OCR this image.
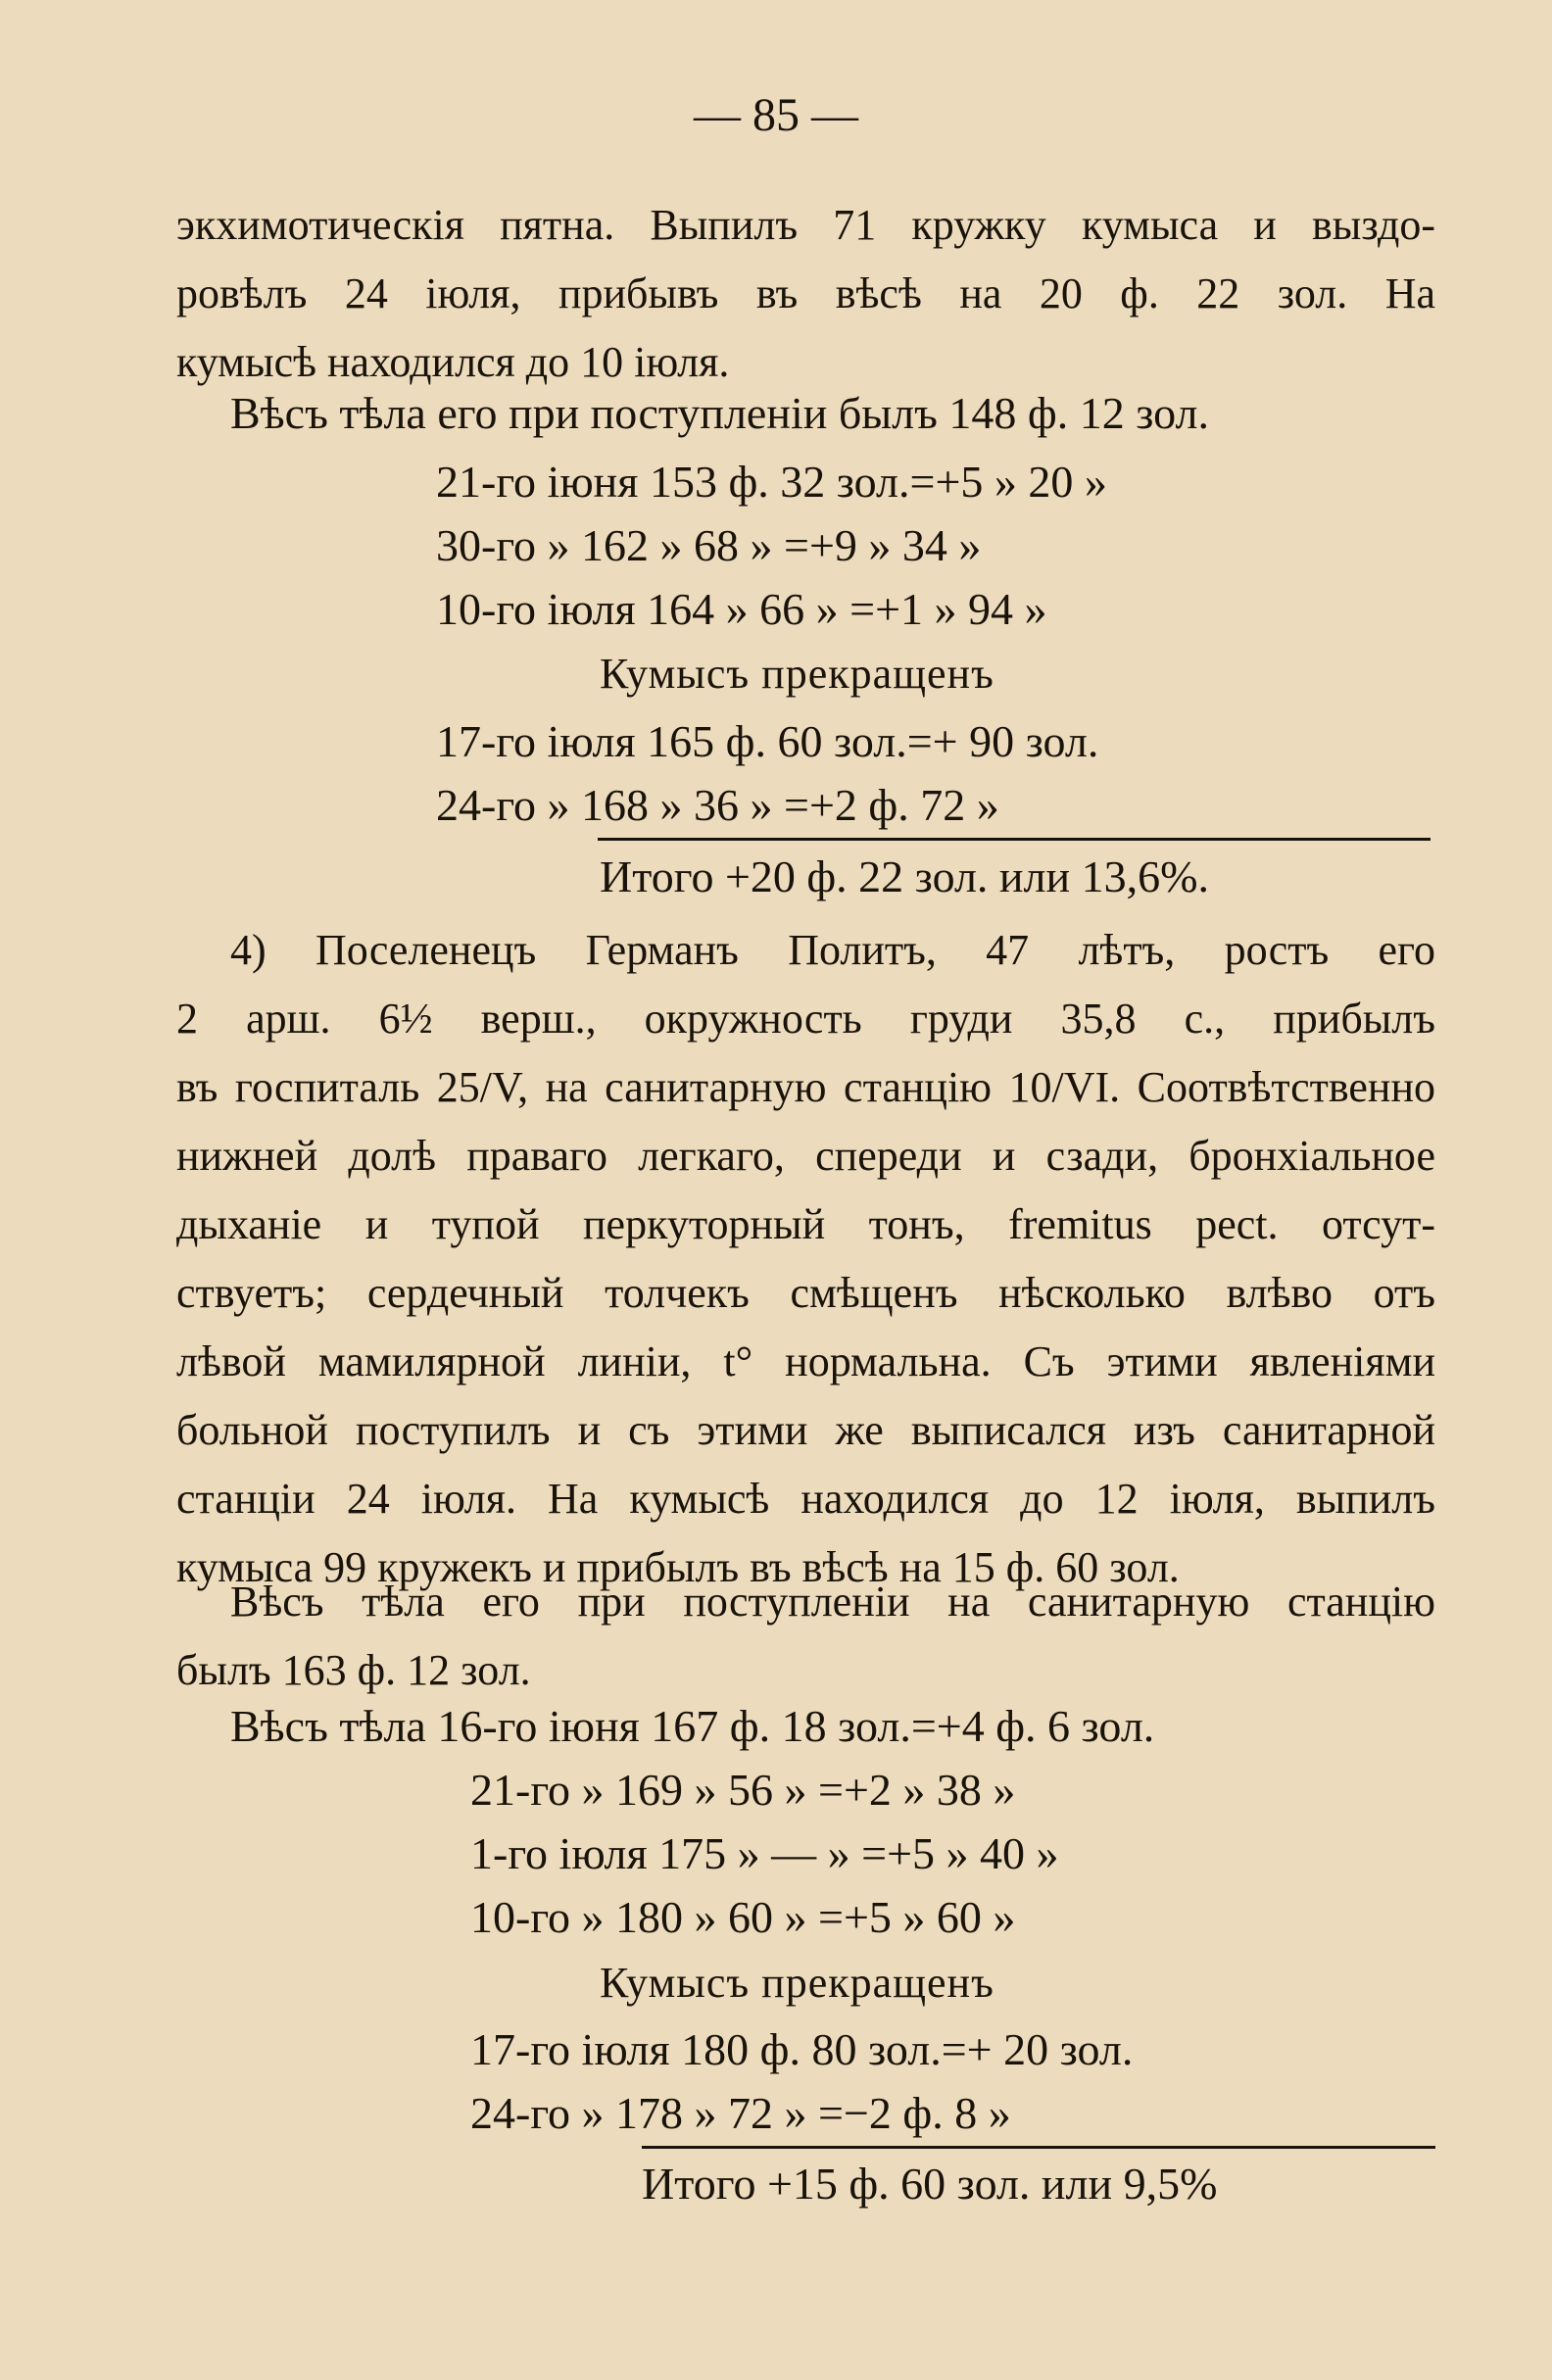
— 85 —
экхимотическія пятна. Выпилъ 71 кружку кумыса и выздо-
ровѣлъ 24 іюля, прибывъ въ вѣсѣ на 20 ф. 22 зол. На
кумысѣ находился до 10 іюля.
Вѣсъ тѣла его при поступленіи былъ 148 ф. 12 зол.
21-го іюня 153 ф. 32 зол.=+5 » 20 »
30-го » 162 » 68 » =+9 » 34 »
10-го іюля 164 » 66 » =+1 » 94 »
Кумысъ прекращенъ
17-го іюля 165 ф. 60 зол.=+ 90 зол.
24-го » 168 » 36 » =+2 ф. 72 »
Итого +20 ф. 22 зол. или 13,6%.
4) Поселенецъ Германъ Политъ, 47 лѣтъ, ростъ его
2 арш. 6½ верш., окружность груди 35,8 с., прибылъ
въ госпиталь 25/V, на санитарную станцію 10/VI. Соотвѣтственно
нижней долѣ праваго легкаго, спереди и сзади, бронхіальное
дыханіе и тупой перкуторный тонъ, fremitus pect. отсут-
ствуетъ; сердечный толчекъ смѣщенъ нѣсколько влѣво отъ
лѣвой мамилярной линіи, t° нормальна. Съ этими явленіями
больной поступилъ и съ этими же выписался изъ санитарной
станціи 24 іюля. На кумысѣ находился до 12 іюля, выпилъ
кумыса 99 кружекъ и прибылъ въ вѣсѣ на 15 ф. 60 зол.
Вѣсъ тѣла его при поступленіи на санитарную станцію
былъ 163 ф. 12 зол.
Вѣсъ тѣла 16-го іюня 167 ф. 18 зол.=+4 ф. 6 зол.
21-го » 169 » 56 » =+2 » 38 »
1-го іюля 175 » — » =+5 » 40 »
10-го » 180 » 60 » =+5 » 60 »
Кумысъ прекращенъ
17-го іюля 180 ф. 80 зол.=+ 20 зол.
24-го » 178 » 72 » =−2 ф. 8 »
Итого +15 ф. 60 зол. или 9,5%
